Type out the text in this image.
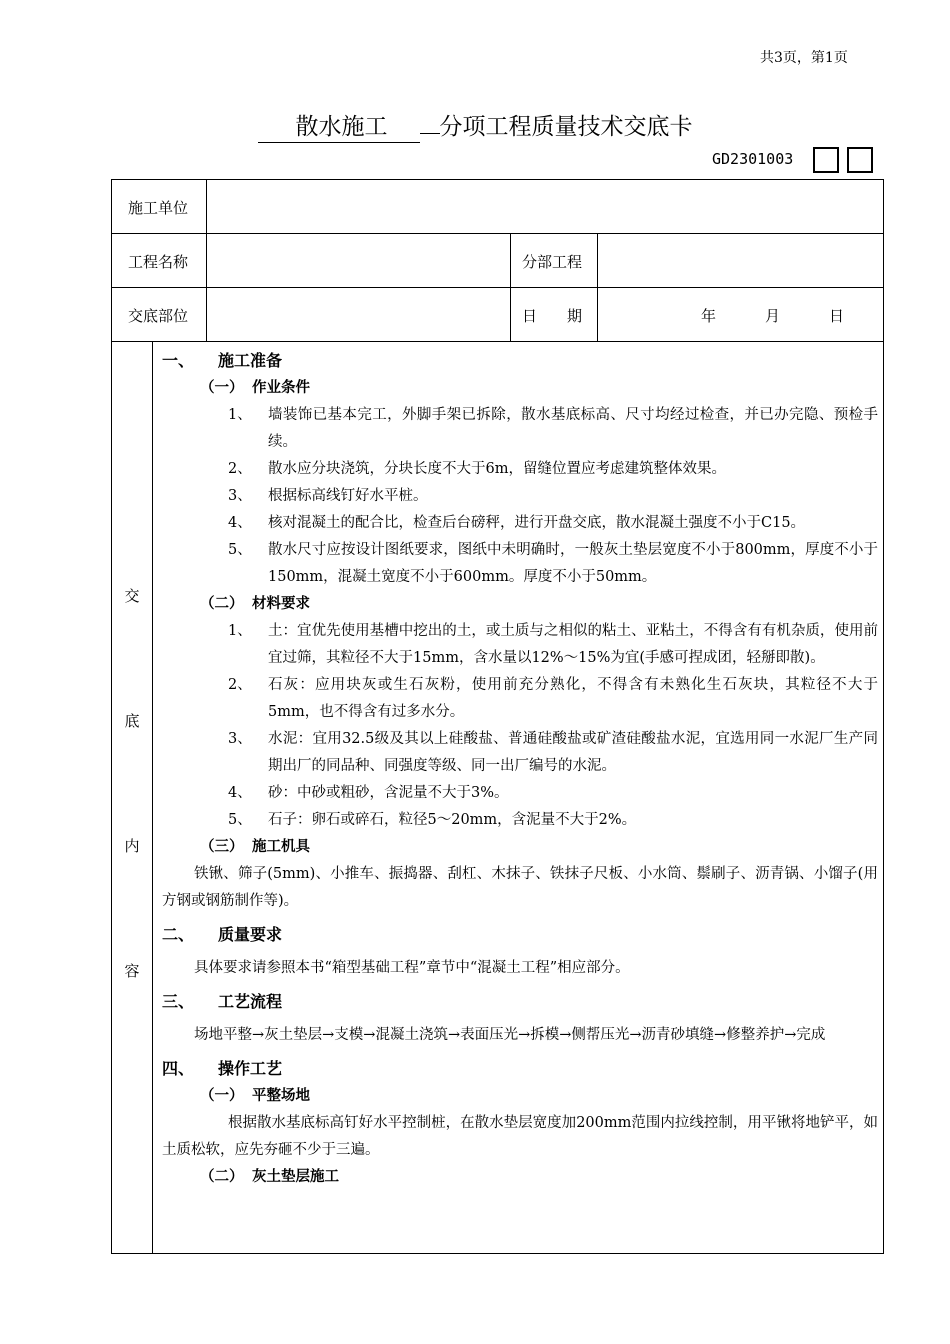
共3页，第1页
散水施工 分项工程质量技术交底卡
GD2301003
施工单位
工程名称	分部工程
交底部位	日　　期	年	月	日
交
底
内
容
一、	施工准备
（一） 作业条件
1、	墙装饰已基本完工，外脚手架已拆除，散水基底标高、尺寸均经过检查，并已办完隐、预检手续。
2、	散水应分块浇筑，分块长度不大于6m，留缝位置应考虑建筑整体效果。
3、	根据标高线钉好水平桩。
4、	核对混凝土的配合比，检查后台磅秤，进行开盘交底，散水混凝土强度不小于C15。
5、	散水尺寸应按设计图纸要求，图纸中未明确时，一般灰土垫层宽度不小于800mm，厚度不小于150mm，混凝土宽度不小于600mm。厚度不小于50mm。
（二） 材料要求
1、	土：宜优先使用基槽中挖出的土，或土质与之相似的粘土、亚粘土，不得含有有机杂质，使用前宜过筛，其粒径不大于15mm，含水量以12%～15%为宜(手感可捏成团，轻掰即散)。
2、	石灰：应用块灰或生石灰粉，使用前充分熟化，不得含有未熟化生石灰块，其粒径不大于5mm，也不得含有过多水分。
3、	水泥：宜用32.5级及其以上硅酸盐、普通硅酸盐或矿渣硅酸盐水泥，宜选用同一水泥厂生产同期出厂的同品种、同强度等级、同一出厂编号的水泥。
4、	砂：中砂或粗砂，含泥量不大于3%。
5、	石子：卵石或碎石，粒径5～20mm，含泥量不大于2%。
（三） 施工机具
铁锹、筛子(5mm)、小推车、振捣器、刮杠、木抹子、铁抹子尺板、小水筒、鬃刷子、沥青锅、小馏子(用方钢或钢筋制作等)。
二、	质量要求
具体要求请参照本书“箱型基础工程”章节中“混凝土工程”相应部分。
三、	工艺流程
场地平整→灰土垫层→支模→混凝土浇筑→表面压光→拆模→侧帮压光→沥青砂填缝→修整养护→完成
四、	操作工艺
（一） 平整场地
根据散水基底标高钉好水平控制桩，在散水垫层宽度加200mm范围内拉线控制，用平锹将地铲平，如土质松软，应先夯砸不少于三遍。
（二） 灰土垫层施工
